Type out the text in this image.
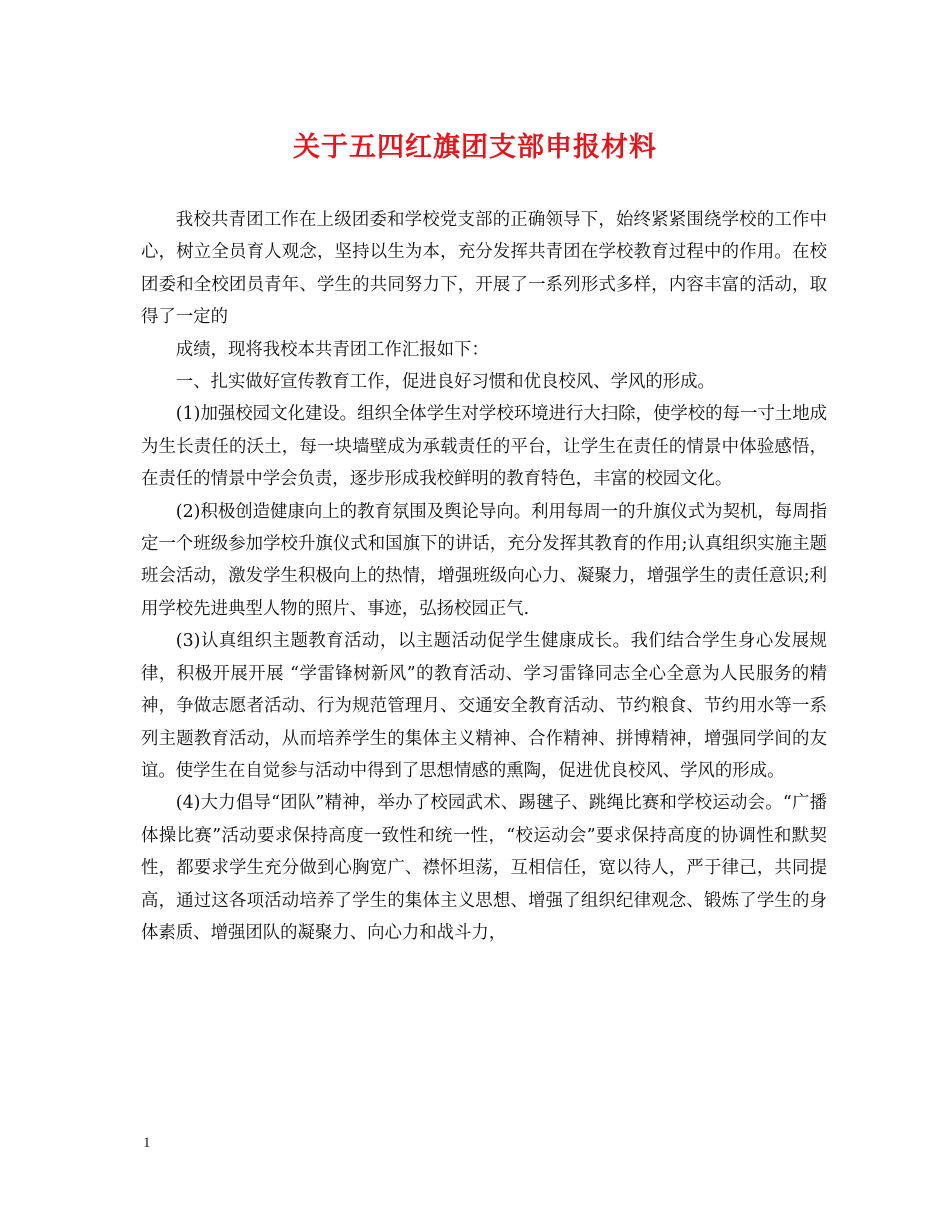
关于五四红旗团支部申报材料

我校共青团工作在上级团委和学校党支部的正确领导下，始终紧紧围绕学校的工作中心，树立全员育人观念，坚持以生为本，充分发挥共青团在学校教育过程中的作用。在校团委和全校团员青年、学生的共同努力下，开展了一系列形式多样，内容丰富的活动，取得了一定的

成绩，现将我校本共青团工作汇报如下：

一、扎实做好宣传教育工作，促进良好习惯和优良校风、学风的形成。

(1)加强校园文化建设。组织全体学生对学校环境进行大扫除，使学校的每一寸土地成为生长责任的沃土，每一块墙壁成为承载责任的平台，让学生在责任的情景中体验感悟，在责任的情景中学会负责，逐步形成我校鲜明的教育特色，丰富的校园文化。

(2)积极创造健康向上的教育氛围及舆论导向。利用每周一的升旗仪式为契机，每周指定一个班级参加学校升旗仪式和国旗下的讲话，充分发挥其教育的作用;认真组织实施主题班会活动，激发学生积极向上的热情，增强班级向心力、凝聚力，增强学生的责任意识;利用学校先进典型人物的照片、事迹，弘扬校园正气.

(3)认真组织主题教育活动，以主题活动促学生健康成长。我们结合学生身心发展规律，积极开展开展 “学雷锋树新风”的教育活动、学习雷锋同志全心全意为人民服务的精神，争做志愿者活动、行为规范管理月、交通安全教育活动、节约粮食、节约用水等一系列主题教育活动，从而培养学生的集体主义精神、合作精神、拼博精神，增强同学间的友谊。使学生在自觉参与活动中得到了思想情感的熏陶，促进优良校风、学风的形成。

(4)大力倡导“团队”精神，举办了校园武术、踢毽子、跳绳比赛和学校运动会。“广播体操比赛”活动要求保持高度一致性和统一性，“校运动会”要求保持高度的协调性和默契性，都要求学生充分做到心胸宽广、襟怀坦荡，互相信任，宽以待人，严于律己，共同提高，通过这各项活动培养了学生的集体主义思想、增强了组织纪律观念、锻炼了学生的身体素质、增强团队的凝聚力、向心力和战斗力，

1
